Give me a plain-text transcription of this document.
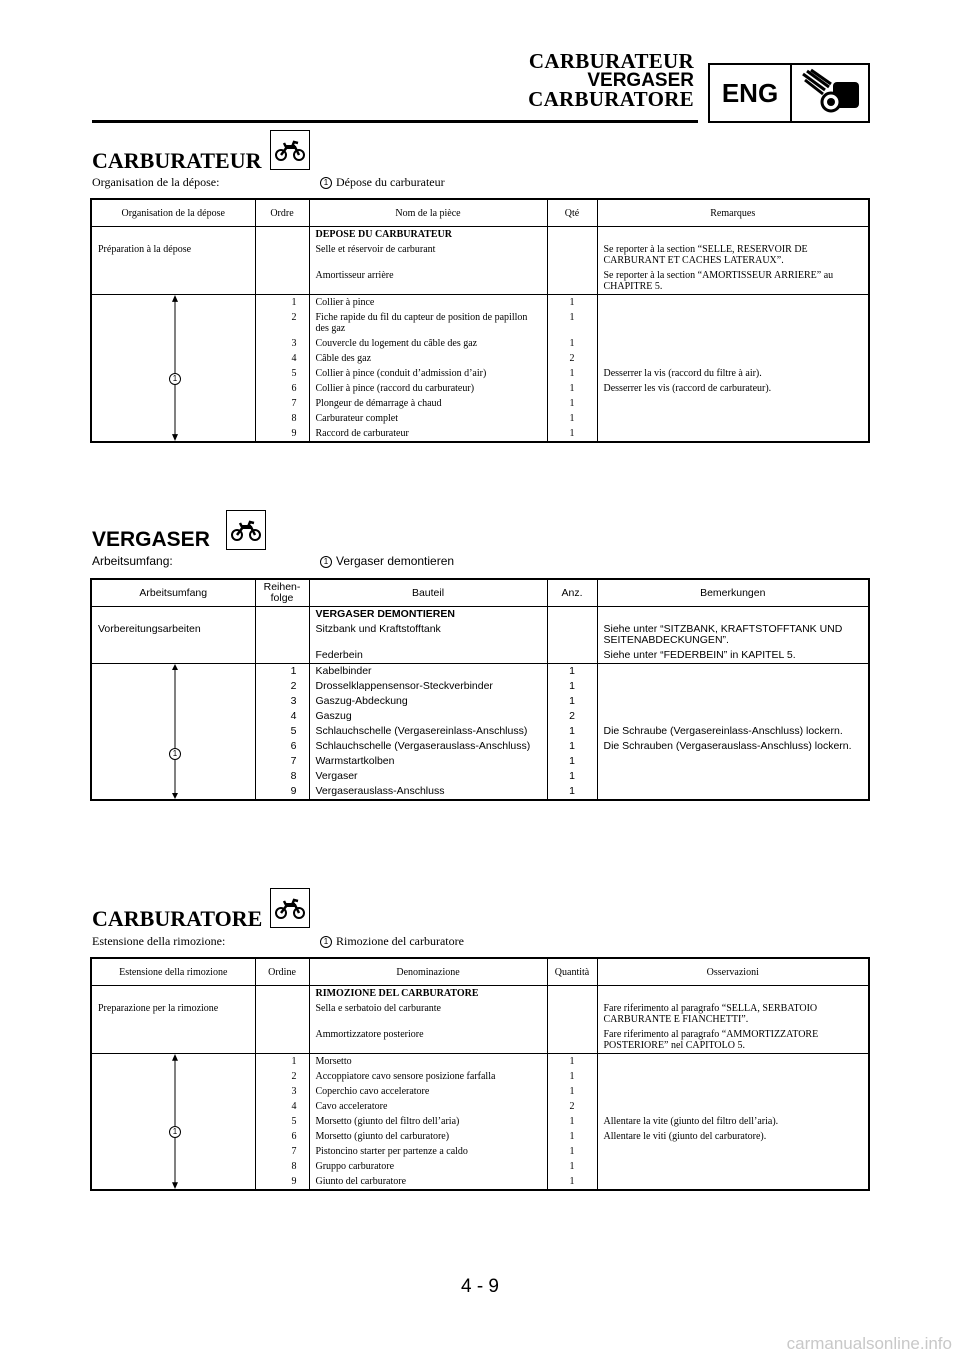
CARBURATEUR
VERGASER
CARBURATORE	ENG
CARBURATEUR
Organisation de la dépose:	1 Dépose du carburateur
Organisation de la dépose	Ordre	Nom de la pièce	Qté	Remarques
		DEPOSE DU CARBURATEUR		
Préparation à la dépose		Selle et réservoir de carburant		Se reporter à la section “SELLE, RESERVOIR DE CARBURANT ET CACHES LATERAUX”.
		Amortisseur arrière		Se reporter à la section “AMORTISSEUR ARRIERE” au CHAPITRE 5.

1	1	Collier à pince	1	
	2	Fiche rapide du fil du capteur de position de papillon des gaz	1	
	3	Couvercle du logement du câble des gaz	1	
	4	Câble des gaz	2	
	5	Collier à pince (conduit d’admission d’air)	1	Desserrer la vis (raccord du filtre à air).
	6	Collier à pince (raccord du carburateur)	1	Desserrer les vis (raccord de carburateur).
	7	Plongeur de démarrage à chaud	1	
	8	Carburateur complet	1	
	9	Raccord de carburateur	1	
VERGASER
Arbeitsumfang:	1 Vergaser demontieren
Arbeitsumfang	Reihen-folge	Bauteil	Anz.	Bemerkungen
		VERGASER DEMONTIEREN		
Vorbereitungsarbeiten		Sitzbank und Kraftstofftank		Siehe unter “SITZBANK, KRAFTSTOFFTANK UND SEITENABDECKUNGEN”.
		Federbein		Siehe unter “FEDERBEIN” in KAPITEL 5.

1	1	Kabelbinder	1	
	2	Drosselklappensensor-Steckverbinder	1	
	3	Gaszug-Abdeckung	1	
	4	Gaszug	2	
	5	Schlauchschelle (Vergasereinlass-Anschluss)	1	Die Schraube (Vergasereinlass-Anschluss) lockern.
	6	Schlauchschelle (Vergaserauslass-Anschluss)	1	Die Schrauben (Vergaserauslass-Anschluss) lockern.
	7	Warmstartkolben	1	
	8	Vergaser	1	
	9	Vergaserauslass-Anschluss	1	
CARBURATORE
Estensione della rimozione:	1 Rimozione del carburatore
Estensione della rimozione	Ordine	Denominazione	Quantità	Osservazioni
		RIMOZIONE DEL CARBURATORE		
Preparazione per la rimozione		Sella e serbatoio del carburante		Fare riferimento al paragrafo “SELLA, SERBATOIO CARBURANTE E FIANCHETTI”.
		Ammortizzatore posteriore		Fare riferimento al paragrafo “AMMORTIZZATORE POSTERIORE” nel CAPITOLO 5.

1	1	Morsetto	1	
	2	Accoppiatore cavo sensore posizione farfalla	1	
	3	Coperchio cavo acceleratore	1	
	4	Cavo acceleratore	2	
	5	Morsetto (giunto del filtro dell’aria)	1	Allentare la vite (giunto del filtro dell’aria).
	6	Morsetto (giunto del carburatore)	1	Allentare le viti (giunto del carburatore).
	7	Pistoncino starter per partenze a caldo	1	
	8	Gruppo carburatore	1	
	9	Giunto del carburatore	1	
4 - 9
carmanualsonline.info
